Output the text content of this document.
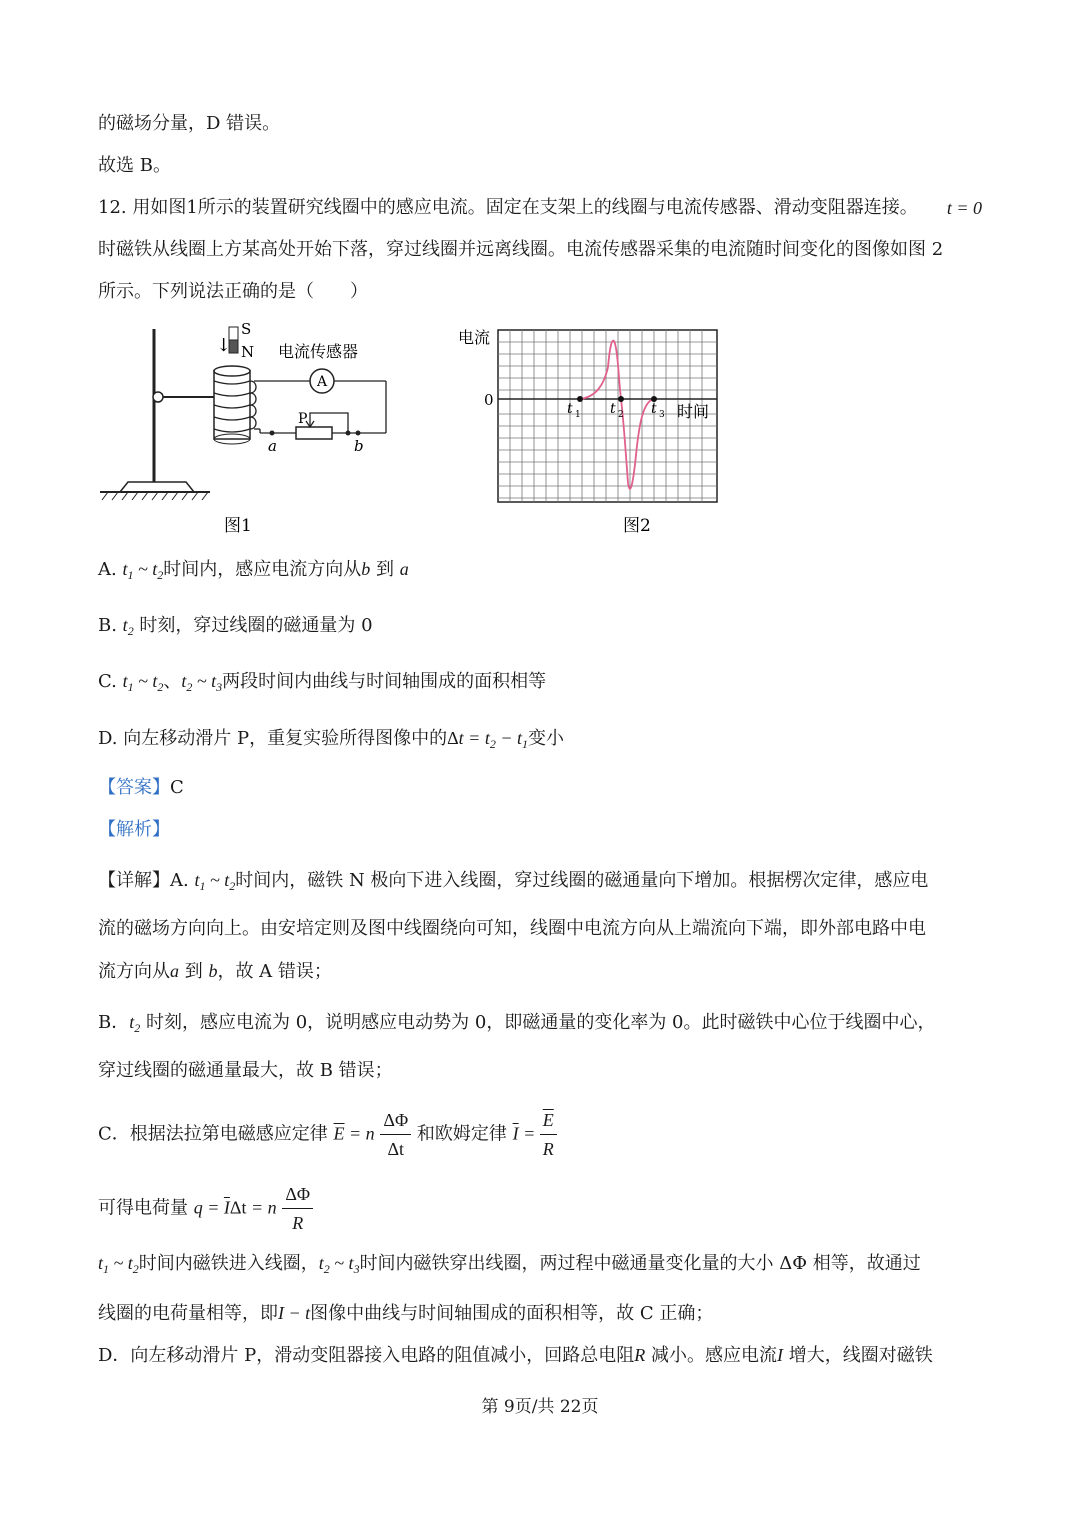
的磁场分量，D 错误。
故选 B。
12. 用如图1所示的装置研究线圈中的感应电流。固定在支架上的线圈与电流传感器、滑动变阻器连接。 t = 0
时磁铁从线圈上方某高处开始下落，穿过线圈并远离线圈。电流传感器采集的电流随时间变化的图像如图 2
所示。下列说法正确的是（　　）
↓
S
N
A
P
a	b
电流传感器
图1
电流
0	t 1 t 2 t 3 时间
图2
A. $t_1$ ~ $t_2$时间内，感应电流方向从b 到 a
B. $t_2$ 时刻，穿过线圈的磁通量为 0
C. $t_1$ ~ $t_2$、$t_2$ ~ $t_3$两段时间内曲线与时间轴围成的面积相等
D. 向左移动滑片 P，重复实验所得图像中的$\Delta t = t_2 - t_1$变小
【答案】C
【解析】
【详解】A. $t_1$ ~ $t_2$时间内，磁铁 N 极向下进入线圈，穿过线圈的磁通量向下增加。根据楞次定律，感应电
流的磁场方向向上。由安培定则及图中线圈绕向可知，线圈中电流方向从上端流向下端，即外部电路中电
流方向从a 到 b，故 A 错误；
B．$t_2$ 时刻，感应电流为 0，说明感应电动势为 0，即磁通量的变化率为 0。此时磁铁中心位于线圈中心，
穿过线圈的磁通量最大，故 B 错误；
C．根据法拉第电磁感应定律 $\overline{E} = n \frac{\Delta\Phi}{\Delta t}$ 和欧姆定律 $\overline{I} = \frac{\overline{E}}{R}$
可得电荷量 $q = \overline{I}\Delta t = n \frac{\Delta\Phi}{R}$
$t_1$ ~ $t_2$时间内磁铁进入线圈，$t_2$ ~ $t_3$时间内磁铁穿出线圈，两过程中磁通量变化量的大小 ΔΦ 相等，故通过
线圈的电荷量相等，即I − t图像中曲线与时间轴围成的面积相等，故 C 正确；
D．向左移动滑片 P，滑动变阻器接入电路的阻值减小，回路总电阻R 减小。感应电流I 增大，线圈对磁铁
第 9页/共 22页
